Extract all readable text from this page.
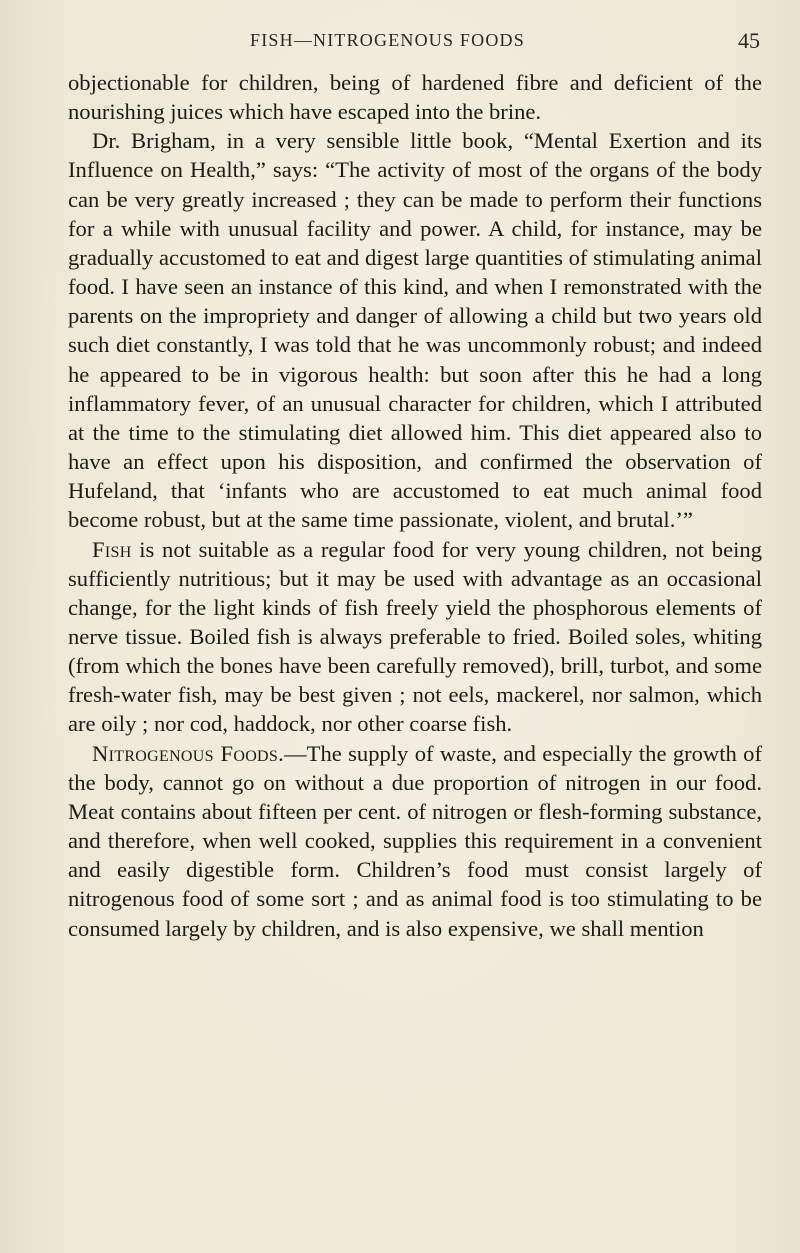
FISH—NITROGENOUS FOODS	45

objectionable for children, being of hardened fibre and deficient of the nourishing juices which have escaped into the brine.

Dr. Brigham, in a very sensible little book, “Mental Exertion and its Influence on Health,” says: “The activity of most of the organs of the body can be very greatly increased ; they can be made to perform their functions for a while with unusual facility and power. A child, for instance, may be gradually accustomed to eat and digest large quantities of stimulating animal food. I have seen an instance of this kind, and when I remonstrated with the parents on the impropriety and danger of allowing a child but two years old such diet constantly, I was told that he was uncommonly robust; and indeed he appeared to be in vigorous health: but soon after this he had a long inflammatory fever, of an unusual character for children, which I attributed at the time to the stimulating diet allowed him. This diet appeared also to have an effect upon his disposition, and confirmed the observation of Hufeland, that ‘infants who are accustomed to eat much animal food become robust, but at the same time passionate, violent, and brutal.’”

Fish is not suitable as a regular food for very young children, not being sufficiently nutritious; but it may be used with advantage as an occasional change, for the light kinds of fish freely yield the phosphorous elements of nerve tissue. Boiled fish is always preferable to fried. Boiled soles, whiting (from which the bones have been carefully removed), brill, turbot, and some fresh-water fish, may be best given ; not eels, mackerel, nor salmon, which are oily ; nor cod, haddock, nor other coarse fish.

Nitrogenous Foods.—The supply of waste, and especially the growth of the body, cannot go on without a due proportion of nitrogen in our food. Meat contains about fifteen per cent. of nitrogen or flesh-forming substance, and therefore, when well cooked, supplies this requirement in a convenient and easily digestible form. Children’s food must consist largely of nitrogenous food of some sort ; and as animal food is too stimulating to be consumed largely by children, and is also expensive, we shall mention
